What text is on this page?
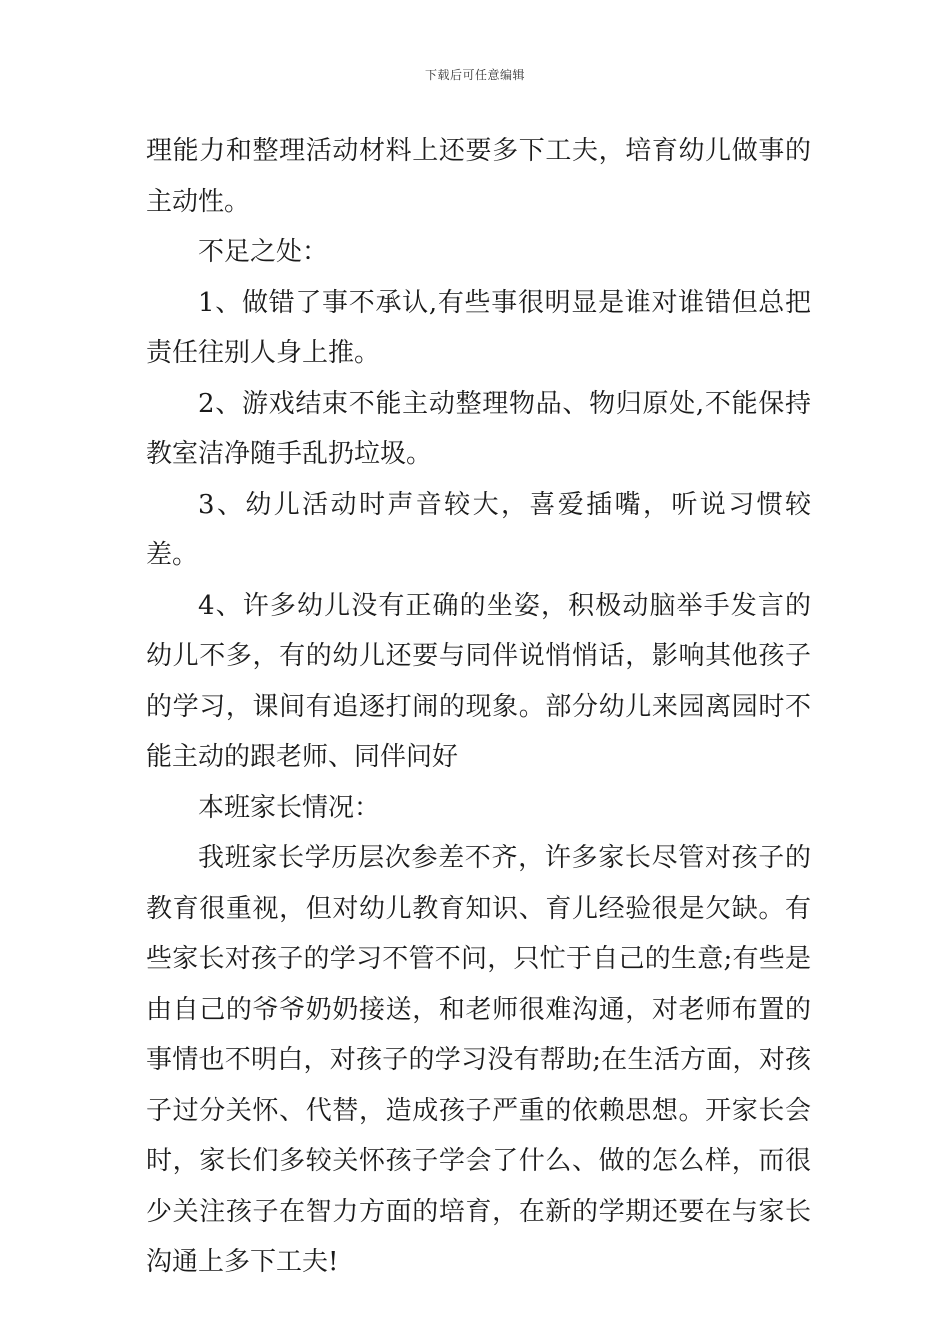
下载后可任意编辑

理能力和整理活动材料上还要多下工夫，培育幼儿做事的主动性。

不足之处：

1、做错了事不承认,有些事很明显是谁对谁错但总把责任往别人身上推。

2、游戏结束不能主动整理物品、物归原处,不能保持教室洁净随手乱扔垃圾。

3、幼儿活动时声音较大，喜爱插嘴，听说习惯较差。

4、许多幼儿没有正确的坐姿，积极动脑举手发言的幼儿不多，有的幼儿还要与同伴说悄悄话，影响其他孩子的学习，课间有追逐打闹的现象。部分幼儿来园离园时不能主动的跟老师、同伴问好

本班家长情况：

我班家长学历层次参差不齐，许多家长尽管对孩子的教育很重视，但对幼儿教育知识、育儿经验很是欠缺。有些家长对孩子的学习不管不问，只忙于自己的生意;有些是由自己的爷爷奶奶接送，和老师很难沟通，对老师布置的事情也不明白，对孩子的学习没有帮助;在生活方面，对孩子过分关怀、代替，造成孩子严重的依赖思想。开家长会时，家长们多较关怀孩子学会了什么、做的怎么样，而很少关注孩子在智力方面的培育，在新的学期还要在与家长沟通上多下工夫!
